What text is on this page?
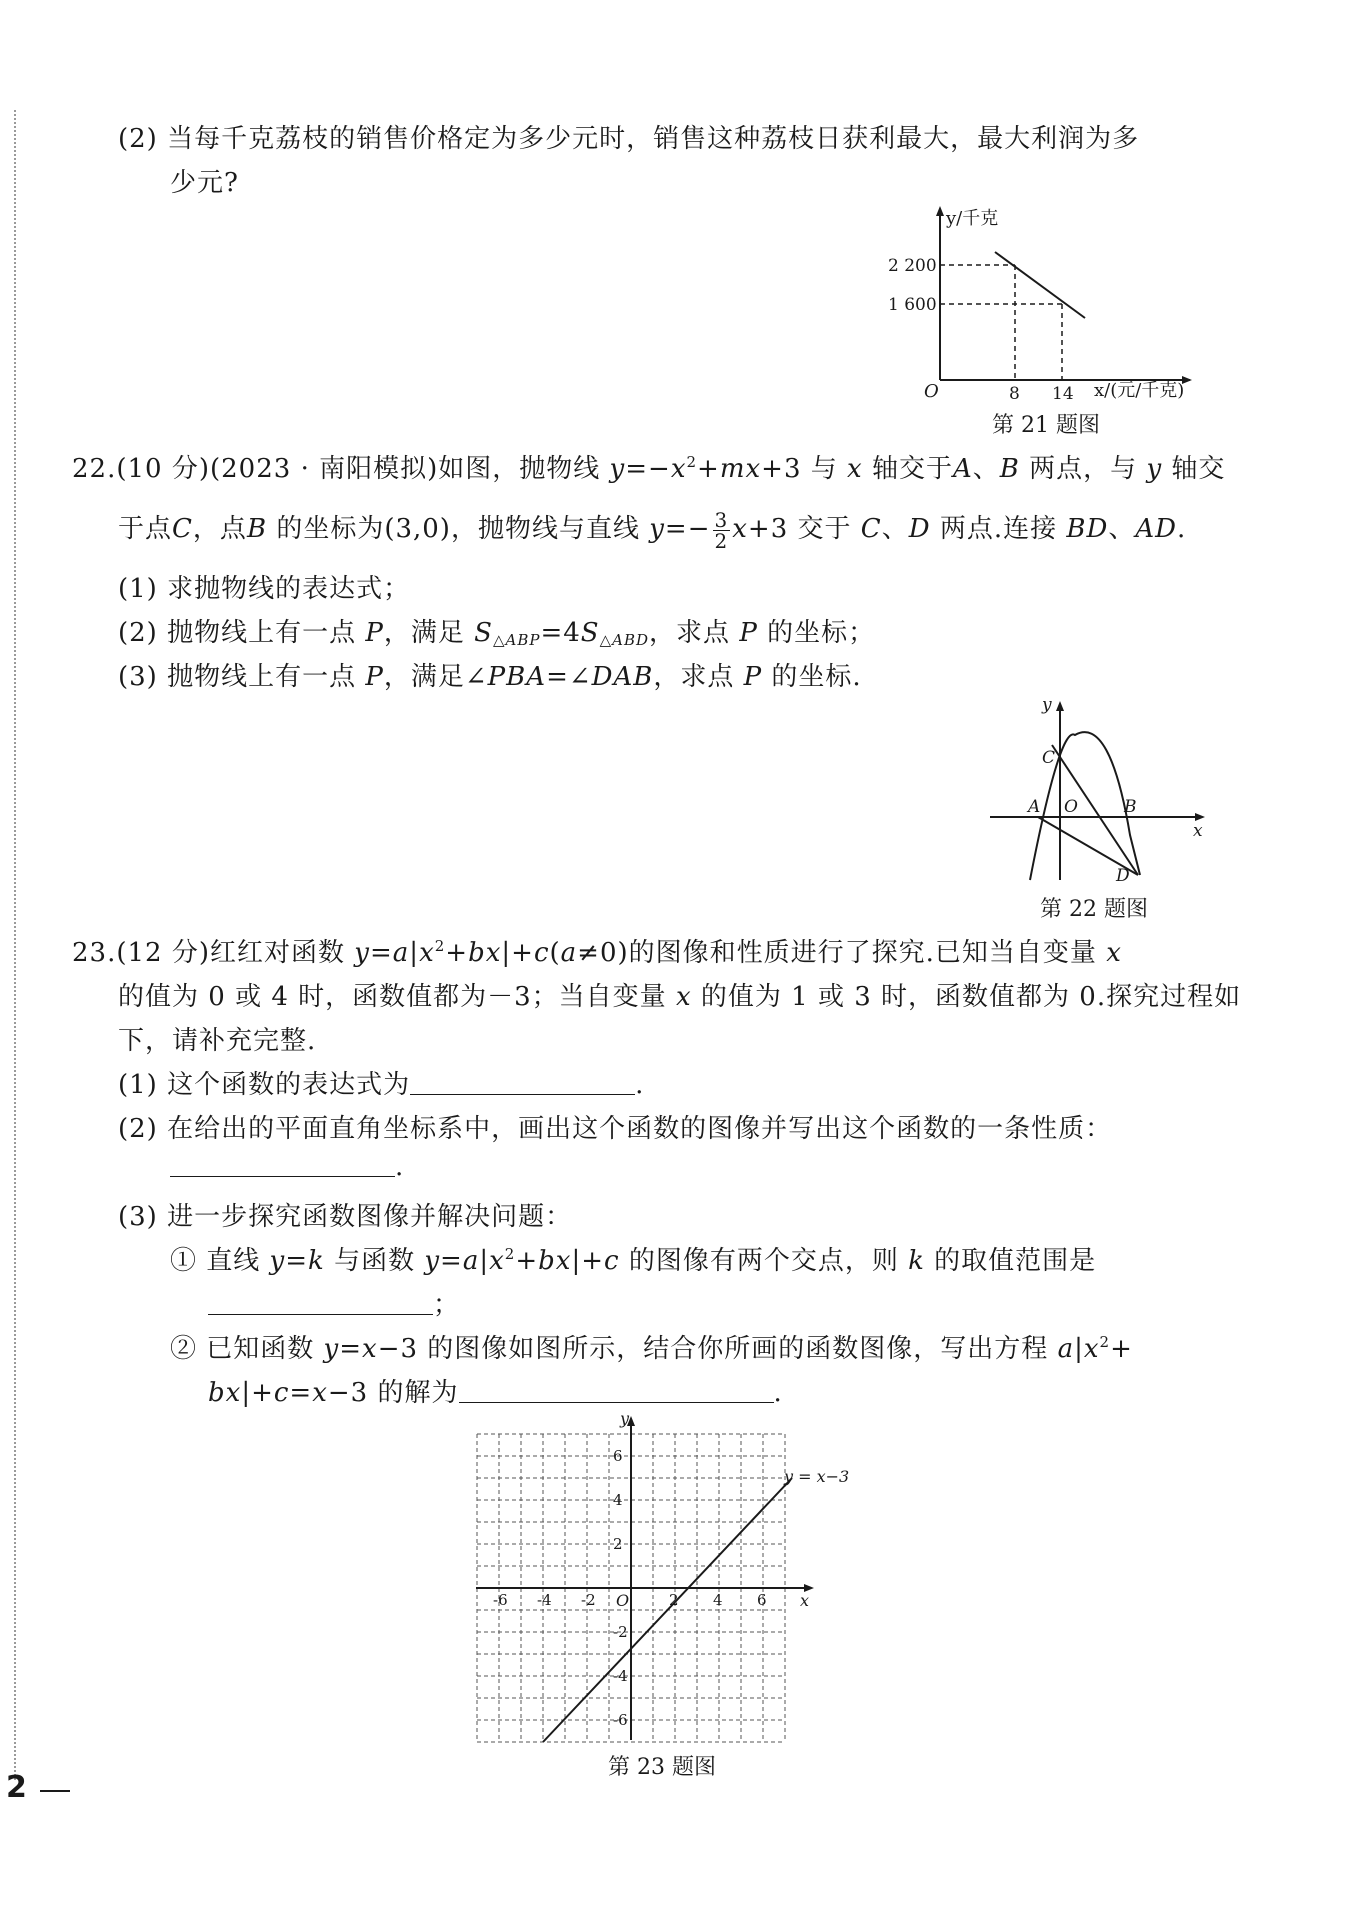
(2) 当每千克荔枝的销售价格定为多少元时，销售这种荔枝日获利最大，最大利润为多
少元?
y/千克
x/(元/千克)
O
2 200
1 600
8 14
第 21 题图
22.(10 分)(2023 · 南阳模拟)如图，抛物线 $y=-x^2+mx+3$ 与 x 轴交于A、B 两点，与 y 轴交
于点C，点B 的坐标为(3,0)，抛物线与直线 $y=- \frac{3}{2} x+3$ 交于 C、D 两点.连接 BD、AD.
(1) 求抛物线的表达式；
(2) 抛物线上有一点 P，满足 $S_{\triangle ABP}=4S_{\triangle ABD}$，求点 P 的坐标；
(3) 抛物线上有一点 P，满足∠PBA=∠DAB，求点 P 的坐标.
y
x
C
A O	B
D
第 22 题图
23.(12 分)红红对函数 $y=a|x^2+bx|+c(a\ne 0)$的图像和性质进行了探究.已知当自变量 x
的值为 0 或 4 时，函数值都为－3；当自变量 x 的值为 1 或 3 时，函数值都为 0.探究过程如
下，请补充完整.
(1) 这个函数的表达式为	.
(2) 在给出的平面直角坐标系中，画出这个函数的图像并写出这个函数的一条性质：
.
(3) 进一步探究函数图像并解决问题：
① 直线 y=k 与函数 $y=a|x^2+bx|+c$ 的图像有两个交点，则 k 的取值范围是
；
② 已知函数 y=x−3 的图像如图所示，结合你所画的函数图像，写出方程 $a|x^2+$
bx|+c=x−3 的解为	.
y = x−3
x
y
O
-6 -4 -2	2 4 6
6
4
2
-2
-4
-6
第 23 题图
2
